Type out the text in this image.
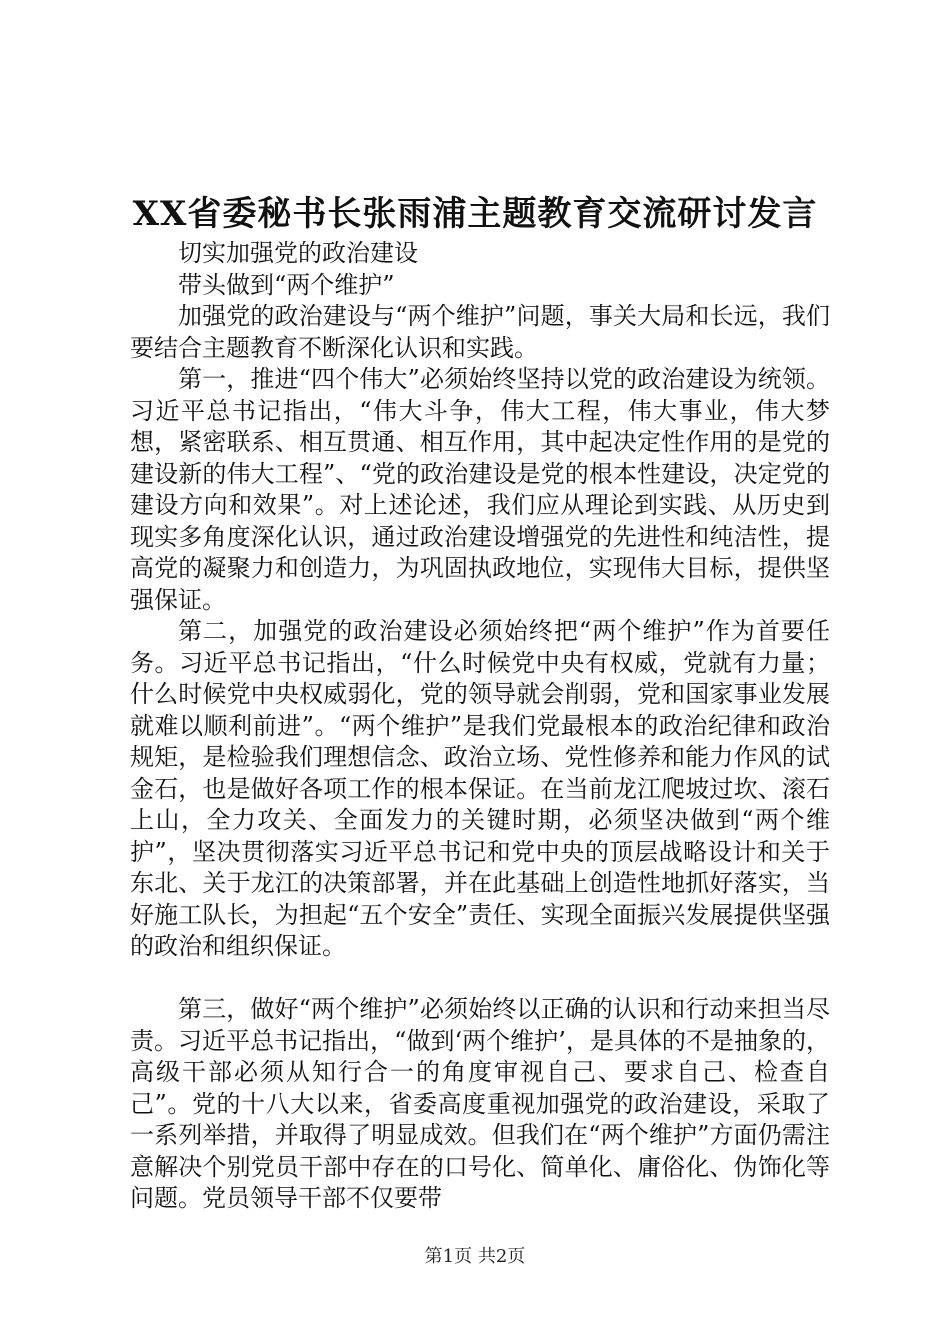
XX省委秘书长张雨浦主题教育交流研讨发言

切实加强党的政治建设

带头做到“两个维护”

加强党的政治建设与“两个维护”问题，事关大局和长远，我们要结合主题教育不断深化认识和实践。

第一，推进“四个伟大”必须始终坚持以党的政治建设为统领。习近平总书记指出，“伟大斗争，伟大工程，伟大事业，伟大梦想，紧密联系、相互贯通、相互作用，其中起决定性作用的是党的建设新的伟大工程”、“党的政治建设是党的根本性建设，决定党的建设方向和效果”。对上述论述，我们应从理论到实践、从历史到现实多角度深化认识，通过政治建设增强党的先进性和纯洁性，提高党的凝聚力和创造力，为巩固执政地位，实现伟大目标，提供坚强保证。

第二，加强党的政治建设必须始终把“两个维护”作为首要任务。习近平总书记指出，“什么时候党中央有权威，党就有力量；什么时候党中央权威弱化，党的领导就会削弱，党和国家事业发展就难以顺利前进”。“两个维护”是我们党最根本的政治纪律和政治规矩，是检验我们理想信念、政治立场、党性修养和能力作风的试金石，也是做好各项工作的根本保证。在当前龙江爬坡过坎、滚石上山，全力攻关、全面发力的关键时期，必须坚决做到“两个维护”，坚决贯彻落实习近平总书记和党中央的顶层战略设计和关于东北、关于龙江的决策部署，并在此基础上创造性地抓好落实，当好施工队长，为担起“五个安全”责任、实现全面振兴发展提供坚强的政治和组织保证。

第三，做好“两个维护”必须始终以正确的认识和行动来担当尽责。习近平总书记指出，“做到‘两个维护’，是具体的不是抽象的，高级干部必须从知行合一的角度审视自己、要求自己、检查自己”。党的十八大以来，省委高度重视加强党的政治建设，采取了一系列举措，并取得了明显成效。但我们在“两个维护”方面仍需注意解决个别党员干部中存在的口号化、简单化、庸俗化、伪饰化等问题。党员领导干部不仅要带

第1页 共2页
